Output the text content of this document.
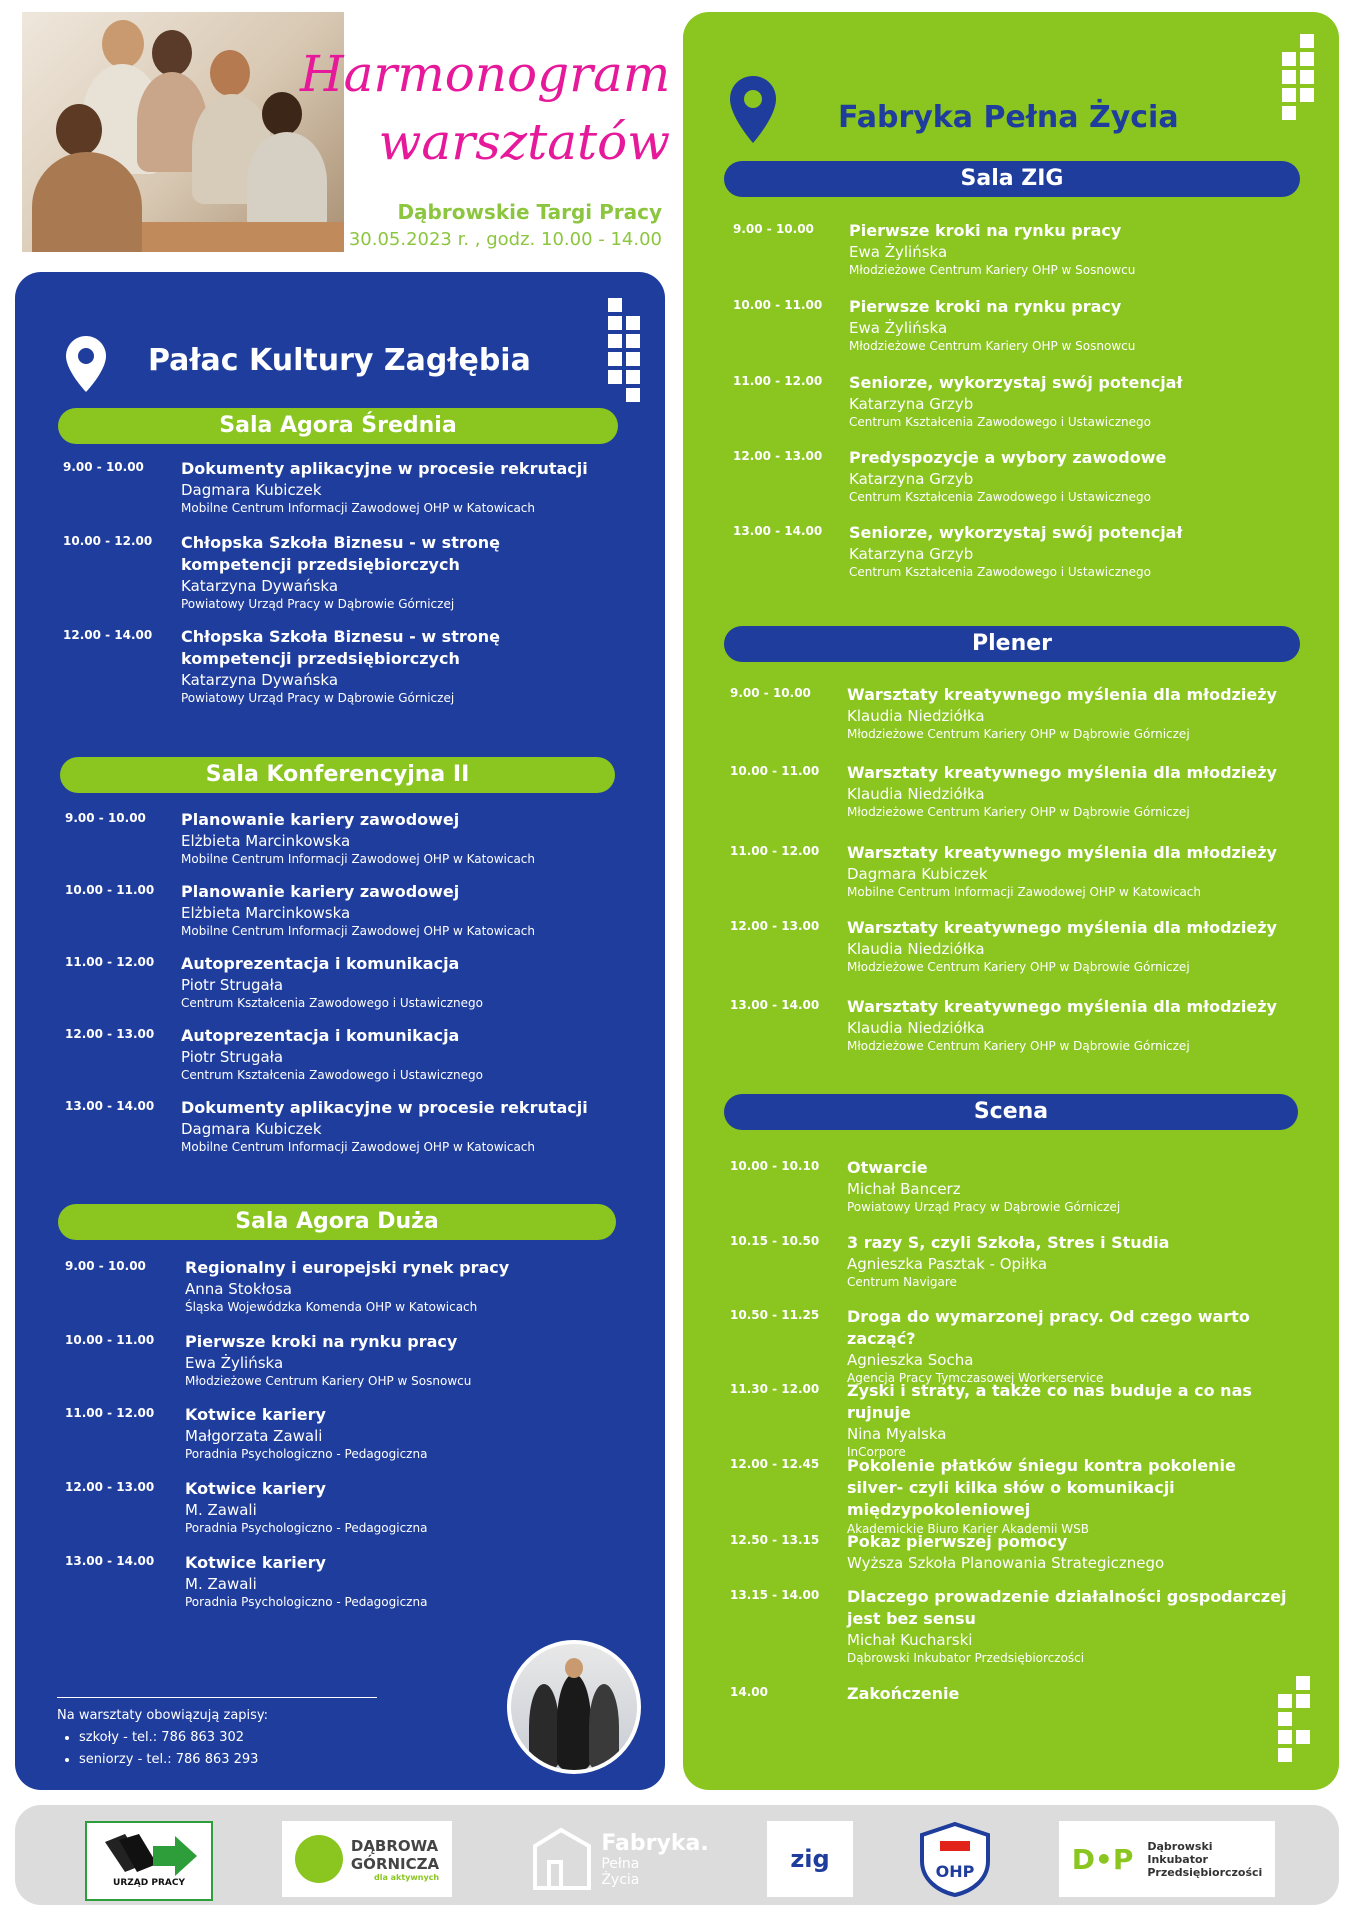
Harmonogram
warsztatów
Dąbrowskie Targi Pracy
30.05.2023 r. , godz. 10.00 - 14.00
Pałac Kultury Zagłębia
Sala Agora Średnia
Sala Konferencyjna II
Sala Agora Duża
9.00 - 10.00 Dokumenty aplikacyjne w procesie rekrutacji
Dagmara Kubiczek
Mobilne Centrum Informacji Zawodowej OHP w Katowicach
10.00 - 12.00 Chłopska Szkoła Biznesu - w stronę kompetencji przedsiębiorczych
Katarzyna Dywańska
Powiatowy Urząd Pracy w Dąbrowie Górniczej
12.00 - 14.00 Chłopska Szkoła Biznesu - w stronę kompetencji przedsiębiorczych
Katarzyna Dywańska
Powiatowy Urząd Pracy w Dąbrowie Górniczej
9.00 - 10.00 Planowanie kariery zawodowej
Elżbieta Marcinkowska
Mobilne Centrum Informacji Zawodowej OHP w Katowicach
10.00 - 11.00 Planowanie kariery zawodowej
Elżbieta Marcinkowska
Mobilne Centrum Informacji Zawodowej OHP w Katowicach
11.00 - 12.00 Autoprezentacja i komunikacja
Piotr Strugała
Centrum Kształcenia Zawodowego i Ustawicznego
12.00 - 13.00 Autoprezentacja i komunikacja
Piotr Strugała
Centrum Kształcenia Zawodowego i Ustawicznego
13.00 - 14.00 Dokumenty aplikacyjne w procesie rekrutacji
Dagmara Kubiczek
Mobilne Centrum Informacji Zawodowej OHP w Katowicach
9.00 - 10.00 Regionalny i europejski rynek pracy
Anna Stokłosa
Śląska Wojewódzka Komenda OHP w Katowicach
10.00 - 11.00 Pierwsze kroki na rynku pracy
Ewa Żylińska
Młodzieżowe Centrum Kariery OHP w Sosnowcu
11.00 - 12.00 Kotwice kariery
Małgorzata Zawali
Poradnia Psychologiczno - Pedagogiczna
12.00 - 13.00 Kotwice kariery
M. Zawali
Poradnia Psychologiczno - Pedagogiczna
13.00 - 14.00 Kotwice kariery
M. Zawali
Poradnia Psychologiczno - Pedagogiczna
Na warsztaty obowiązują zapisy:
• szkoły - tel.: 786 863 302
• seniorzy - tel.: 786 863 293
Fabryka Pełna Życia
Sala ZIG
Plener
Scena
9.00 - 10.00 Pierwsze kroki na rynku pracy
Ewa Żylińska
Młodzieżowe Centrum Kariery OHP w Sosnowcu
10.00 - 11.00 Pierwsze kroki na rynku pracy
Ewa Żylińska
Młodzieżowe Centrum Kariery OHP w Sosnowcu
11.00 - 12.00 Seniorze, wykorzystaj swój potencjał
Katarzyna Grzyb
Centrum Kształcenia Zawodowego i Ustawicznego
12.00 - 13.00 Predyspozycje a wybory zawodowe
Katarzyna Grzyb
Centrum Kształcenia Zawodowego i Ustawicznego
13.00 - 14.00 Seniorze, wykorzystaj swój potencjał
Katarzyna Grzyb
Centrum Kształcenia Zawodowego i Ustawicznego
9.00 - 10.00 Warsztaty kreatywnego myślenia dla młodzieży
Klaudia Niedziółka
Młodzieżowe Centrum Kariery OHP w Dąbrowie Górniczej
10.00 - 11.00 Warsztaty kreatywnego myślenia dla młodzieży
Klaudia Niedziółka
Młodzieżowe Centrum Kariery OHP w Dąbrowie Górniczej
11.00 - 12.00 Warsztaty kreatywnego myślenia dla młodzieży
Dagmara Kubiczek
Mobilne Centrum Informacji Zawodowej OHP w Katowicach
12.00 - 13.00 Warsztaty kreatywnego myślenia dla młodzieży
Klaudia Niedziółka
Młodzieżowe Centrum Kariery OHP w Dąbrowie Górniczej
13.00 - 14.00 Warsztaty kreatywnego myślenia dla młodzieży
Klaudia Niedziółka
Młodzieżowe Centrum Kariery OHP w Dąbrowie Górniczej
10.00 - 10.10 Otwarcie
Michał Bancerz
Powiatowy Urząd Pracy w Dąbrowie Górniczej
10.15 - 10.50 3 razy S, czyli Szkoła, Stres i Studia
Agnieszka Pasztak - Opiłka
Centrum Navigare
10.50 - 11.25 Droga do wymarzonej pracy. Od czego warto zacząć?
Agnieszka Socha
Agencja Pracy Tymczasowej Workerservice
11.30 - 12.00 Zyski i straty, a także co nas buduje a co nas rujnuje
Nina Myalska
InCorpore
12.00 - 12.45 Pokolenie płatków śniegu kontra pokolenie silver- czyli kilka słów o komunikacji międzypokoleniowej
Akademickie Biuro Karier Akademii WSB
12.50 - 13.15 Pokaz pierwszej pomocy
Wyższa Szkoła Planowania Strategicznego
13.15 - 14.00 Dlaczego prowadzenie działalności gospodarczej jest bez sensu
Michał Kucharski
Dąbrowski Inkubator Przedsiębiorczości
14.00	Zakończenie
URZĄD PRACY
DĄBROWA
GÓRNICZA
dla aktywnych
Fabryka.
Pełna
Życia
zig	OHP	D•P Dąbrowski
Inkubator
Przedsiębiorczości
